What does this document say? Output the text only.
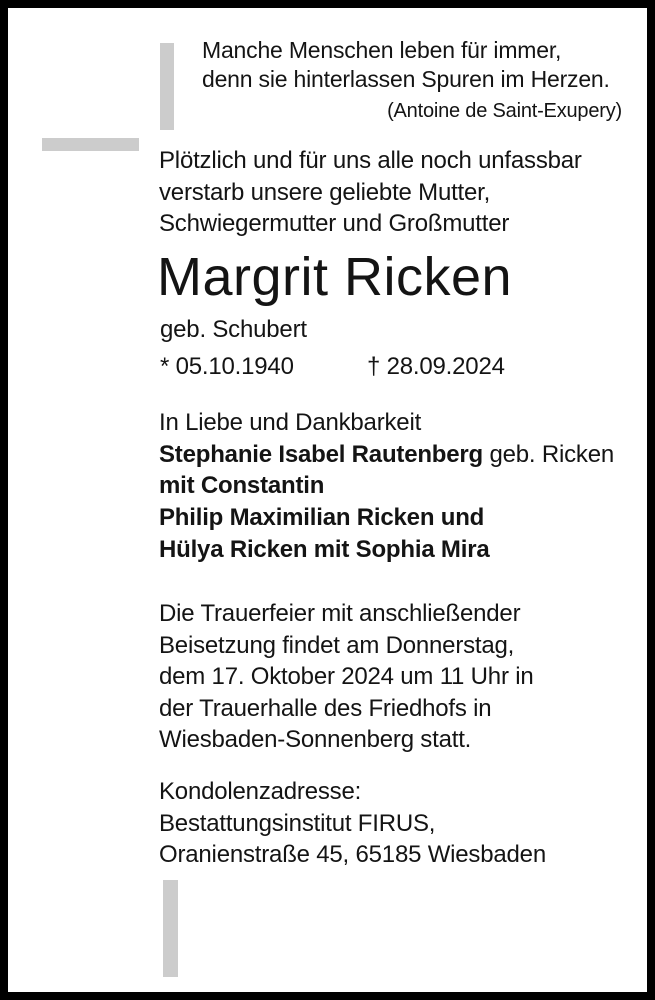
Manche Menschen leben für immer,
denn sie hinterlassen Spuren im Herzen.
(Antoine de Saint-Exupery)
Plötzlich und für uns alle noch unfassbar
verstarb unsere geliebte Mutter,
Schwiegermutter und Großmutter
Margrit Ricken
geb. Schubert
* 05.10.1940	† 28.09.2024
In Liebe und Dankbarkeit
Stephanie Isabel Rautenberg geb. Ricken
mit Constantin
Philip Maximilian Ricken und
Hülya Ricken mit Sophia Mira
Die Trauerfeier mit anschließender
Beisetzung findet am Donnerstag,
dem 17. Oktober 2024 um 11 Uhr in
der Trauerhalle des Friedhofs in
Wiesbaden-Sonnenberg statt.
Kondolenzadresse:
Bestattungsinstitut FIRUS,
Oranienstraße 45, 65185 Wiesbaden
